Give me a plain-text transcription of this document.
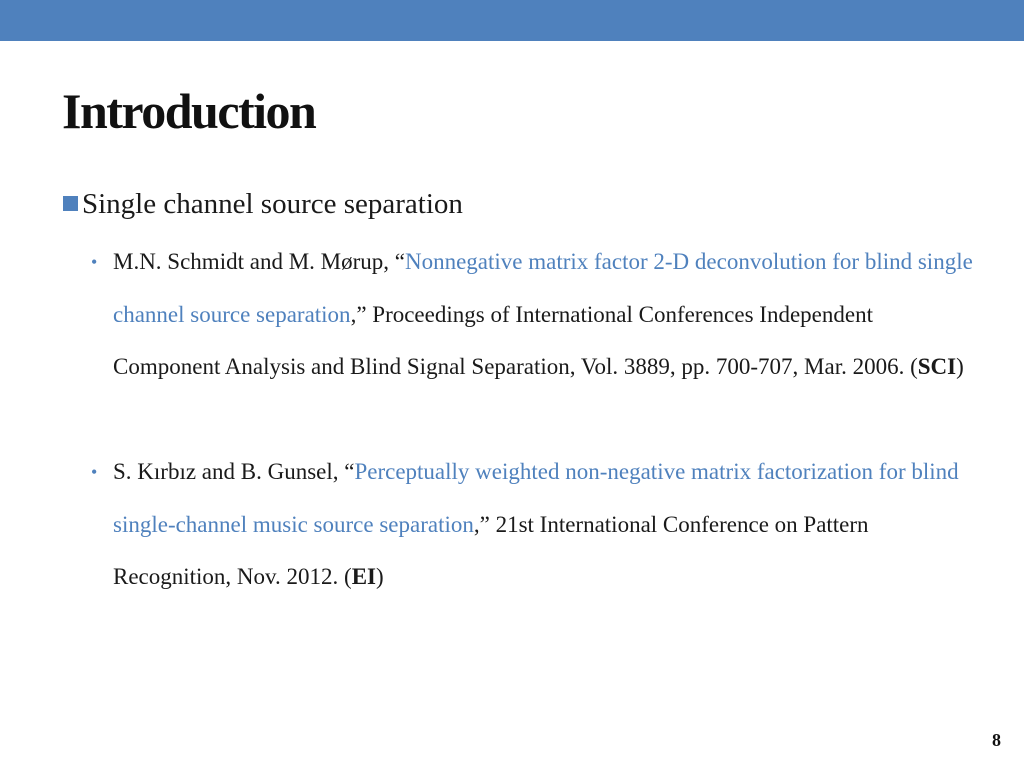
Introduction
Single channel source separation
• M.N. Schmidt and M. Mørup, “Nonnegative matrix factor 2-D deconvolution for blind single channel source separation,” Proceedings of International Conferences Independent Component Analysis and Blind Signal Separation, Vol. 3889, pp. 700-707, Mar. 2006. (SCI)
• S. Kırbız and B. Gunsel, “Perceptually weighted non-negative matrix factorization for blind single-channel music source separation,” 21st International Conference on Pattern Recognition, Nov. 2012. (EI)
8
